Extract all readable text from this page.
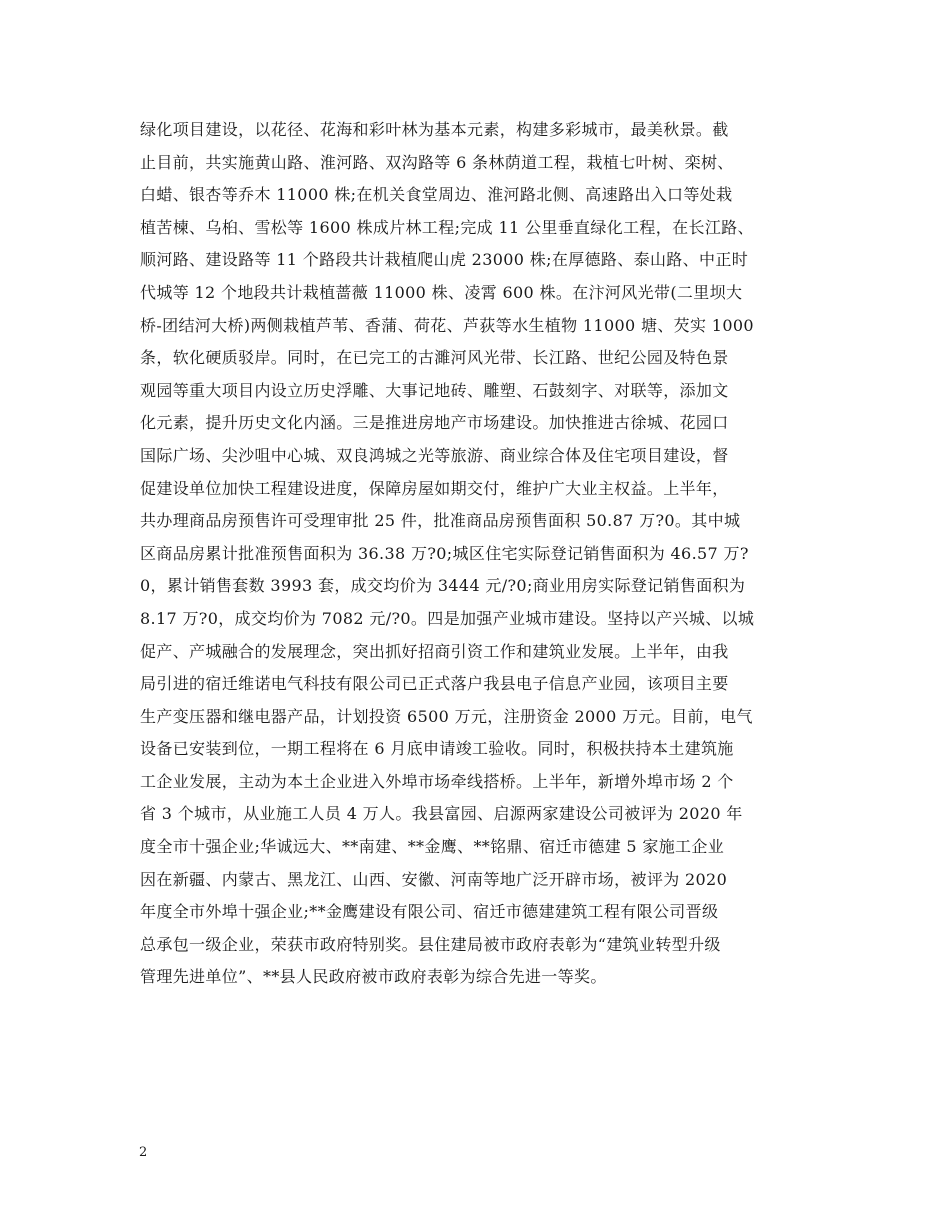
绿化项目建设，以花径、花海和彩叶林为基本元素，构建多彩城市，最美秋景。截
止目前，共实施黄山路、淮河路、双沟路等 6 条林荫道工程，栽植七叶树、栾树、
白蜡、银杏等乔木 11000 株;在机关食堂周边、淮河路北侧、高速路出入口等处栽
植苦楝、乌桕、雪松等 1600 株成片林工程;完成 11 公里垂直绿化工程，在长江路、
顺河路、建设路等 11 个路段共计栽植爬山虎 23000 株;在厚德路、泰山路、中正时
代城等 12 个地段共计栽植蔷薇 11000 株、凌霄 600 株。在汴河风光带(二里坝大
桥-团结河大桥)两侧栽植芦苇、香蒲、荷花、芦荻等水生植物 11000 塘、芡实 1000
条，软化硬质驳岸。同时，在已完工的古濉河风光带、长江路、世纪公园及特色景
观园等重大项目内设立历史浮雕、大事记地砖、雕塑、石鼓刻字、对联等，添加文
化元素，提升历史文化内涵。三是推进房地产市场建设。加快推进古徐城、花园口
国际广场、尖沙咀中心城、双良鸿城之光等旅游、商业综合体及住宅项目建设，督
促建设单位加快工程建设进度，保障房屋如期交付，维护广大业主权益。上半年，
共办理商品房预售许可受理审批 25 件，批准商品房预售面积 50.87 万?0。其中城
区商品房累计批准预售面积为 36.38 万?0;城区住宅实际登记销售面积为 46.57 万?
0，累计销售套数 3993 套，成交均价为 3444 元/?0;商业用房实际登记销售面积为
8.17 万?0，成交均价为 7082 元/?0。四是加强产业城市建设。坚持以产兴城、以城
促产、产城融合的发展理念，突出抓好招商引资工作和建筑业发展。上半年，由我
局引进的宿迁维诺电气科技有限公司已正式落户我县电子信息产业园，该项目主要
生产变压器和继电器产品，计划投资 6500 万元，注册资金 2000 万元。目前，电气
设备已安装到位，一期工程将在 6 月底申请竣工验收。同时，积极扶持本土建筑施
工企业发展，主动为本土企业进入外埠市场牵线搭桥。上半年，新增外埠市场 2 个
省 3 个城市，从业施工人员 4 万人。我县富园、启源两家建设公司被评为 2020 年
度全市十强企业;华诚远大、**南建、**金鹰、**铭鼎、宿迁市德建 5 家施工企业
因在新疆、内蒙古、黑龙江、山西、安徽、河南等地广泛开辟市场，被评为 2020
年度全市外埠十强企业;**金鹰建设有限公司、宿迁市德建建筑工程有限公司晋级
总承包一级企业，荣获市政府特别奖。县住建局被市政府表彰为“建筑业转型升级
管理先进单位”、**县人民政府被市政府表彰为综合先进一等奖。
2
